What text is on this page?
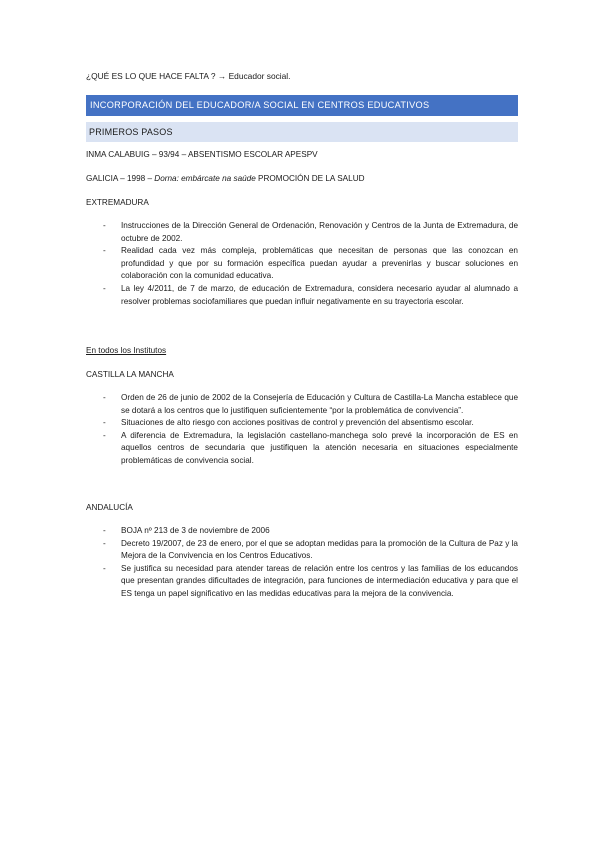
¿QUÉ ES LO QUE HACE FALTA ? → Educador social.
INCORPORACIÓN DEL EDUCADOR/A SOCIAL EN CENTROS EDUCATIVOS
PRIMEROS PASOS
INMA CALABUIG – 93/94 – ABSENTISMO ESCOLAR APESPV
GALICIA – 1998 – Dorna: embárcate na saúde PROMOCIÓN DE LA SALUD
EXTREMADURA
- Instrucciones de la Dirección General de Ordenación, Renovación y Centros de la Junta de Extremadura, de octubre de 2002.
- Realidad cada vez más compleja, problemáticas que necesitan de personas que las conozcan en profundidad y que por su formación específica puedan ayudar a prevenirlas y buscar soluciones en colaboración con la comunidad educativa.
- La ley 4/2011, de 7 de marzo, de educación de Extremadura, considera necesario ayudar al alumnado a resolver problemas sociofamiliares que puedan influir negativamente en su trayectoria escolar.
En todos los Institutos
CASTILLA LA MANCHA
- Orden de 26 de junio de 2002 de la Consejería de Educación y Cultura de Castilla-La Mancha establece que se dotará a los centros que lo justifiquen suficientemente “por la problemática de convivencia”.
- Situaciones de alto riesgo con acciones positivas de control y prevención del absentismo escolar.
- A diferencia de Extremadura, la legislación castellano-manchega solo prevé la incorporación de ES en aquellos centros de secundaria que justifiquen la atención necesaria en situaciones especialmente problemáticas de convivencia social.
ANDALUCÍA
- BOJA nº 213 de 3 de noviembre de 2006
- Decreto 19/2007, de 23 de enero, por el que se adoptan medidas para la promoción de la Cultura de Paz y la Mejora de la Convivencia en los Centros Educativos.
- Se justifica su necesidad para atender tareas de relación entre los centros y las familias de los educandos que presentan grandes dificultades de integración, para funciones de intermediación educativa y para que el ES tenga un papel significativo en las medidas educativas para la mejora de la convivencia.
